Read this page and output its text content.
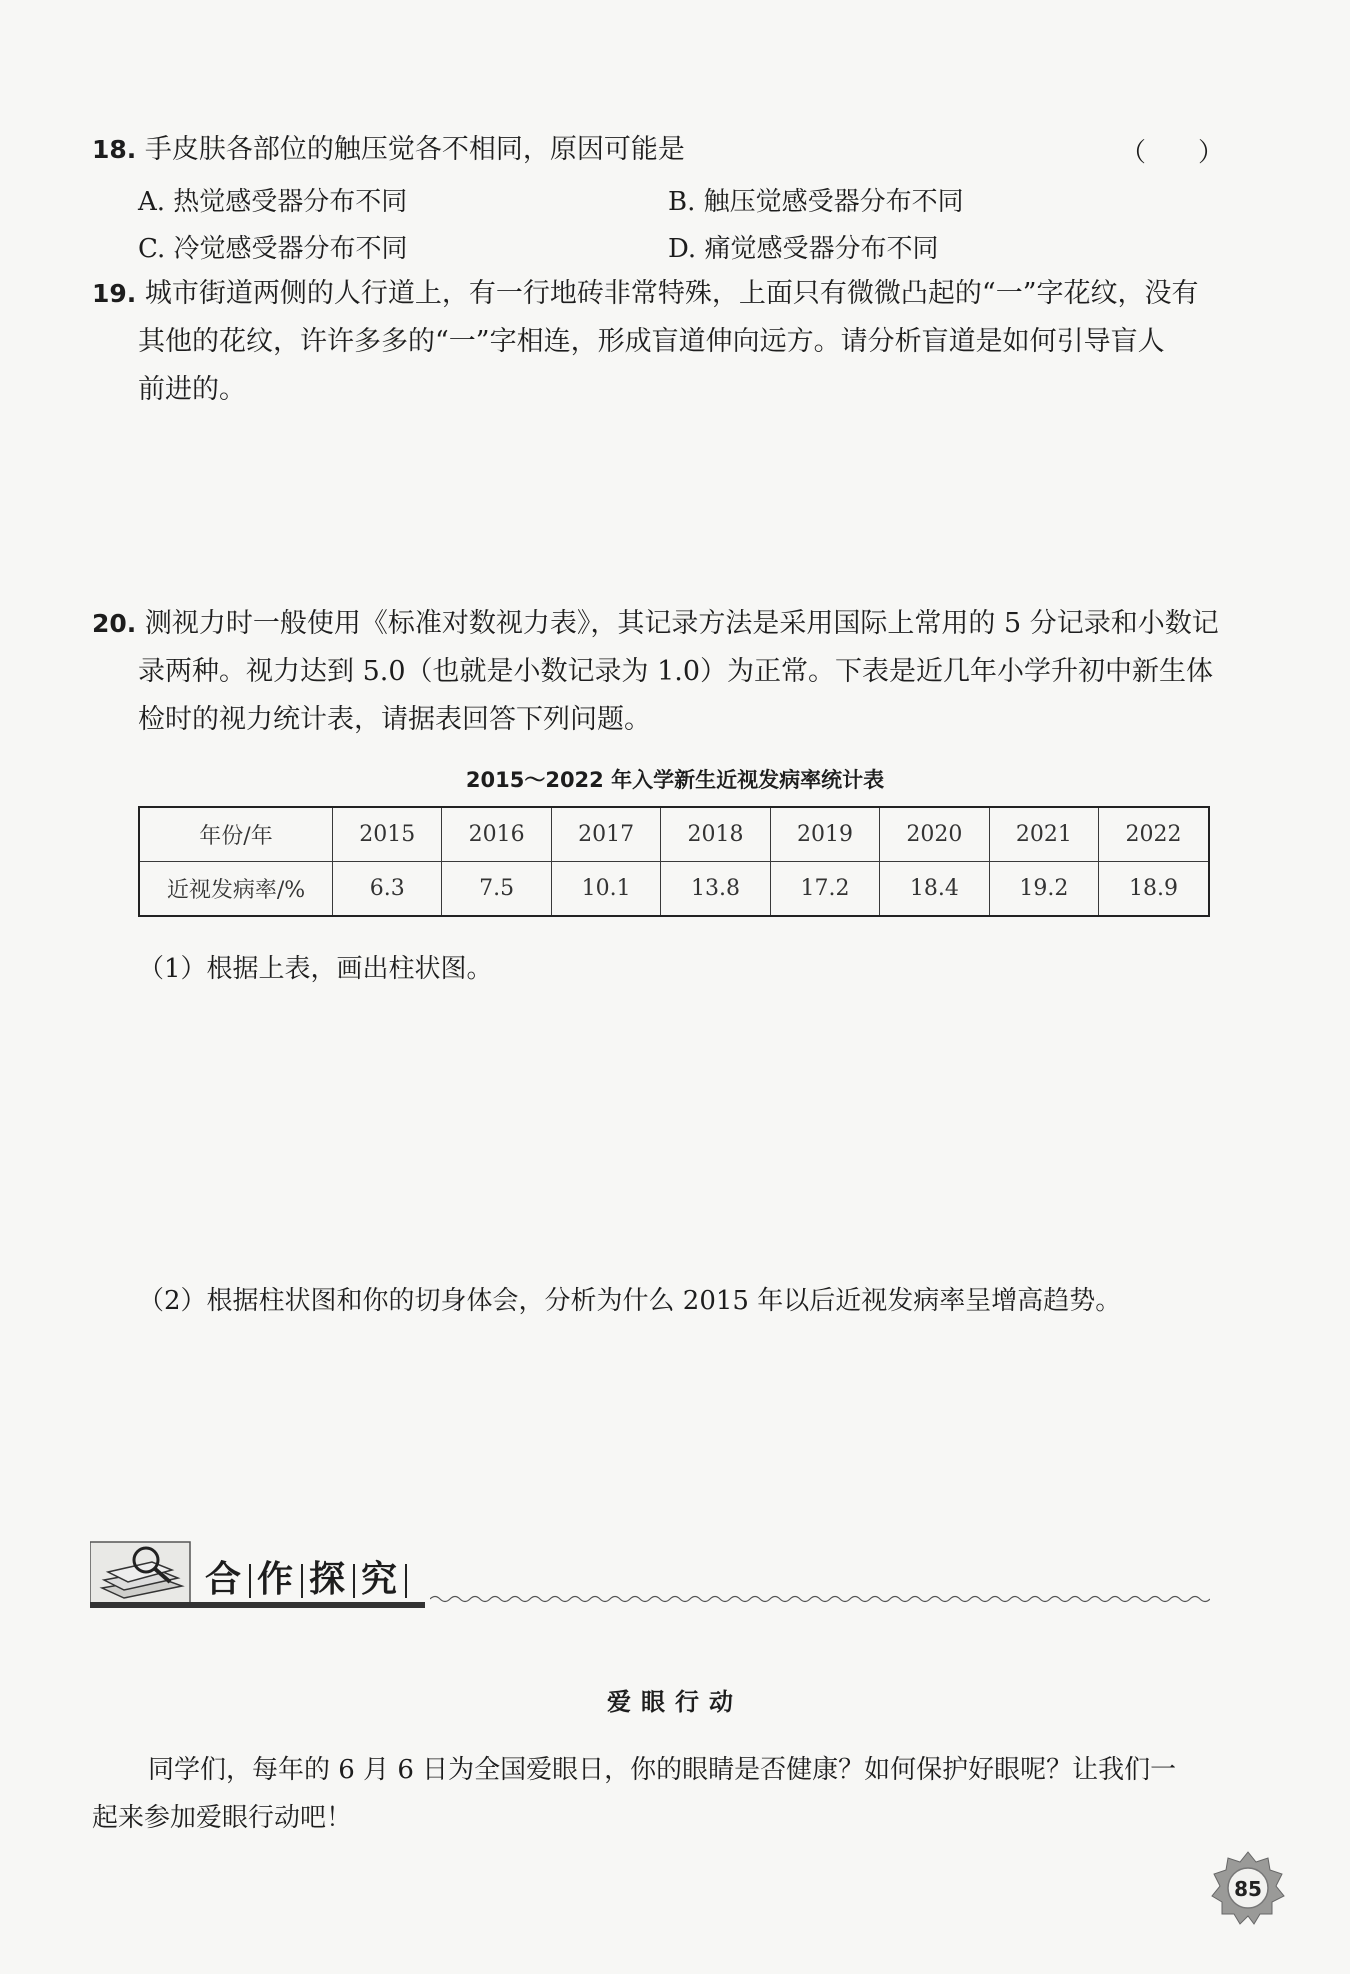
18. 手皮肤各部位的触压觉各不相同，原因可能是	（　　）
A. 热觉感受器分布不同	B. 触压觉感受器分布不同
C. 冷觉感受器分布不同	D. 痛觉感受器分布不同
19. 城市街道两侧的人行道上，有一行地砖非常特殊，上面只有微微凸起的“一”字花纹，没有
其他的花纹，许许多多的“一”字相连，形成盲道伸向远方。请分析盲道是如何引导盲人
前进的。
20. 测视力时一般使用《标准对数视力表》，其记录方法是采用国际上常用的 5 分记录和小数记
录两种。视力达到 5.0（也就是小数记录为 1.0）为正常。下表是近几年小学升初中新生体
检时的视力统计表，请据表回答下列问题。
2015～2022 年入学新生近视发病率统计表
年份/年	2015	2016	2017	2018	2019	2020	2021	2022
近视发病率/%	6.3	7.5	10.1	13.8	17.2	18.4	19.2	18.9
（1）根据上表，画出柱状图。
（2）根据柱状图和你的切身体会，分析为什么 2015 年以后近视发病率呈增高趋势。
合 作 探 究
爱眼行动
同学们，每年的 6 月 6 日为全国爱眼日，你的眼睛是否健康？如何保护好眼呢？让我们一
起来参加爱眼行动吧！
85
